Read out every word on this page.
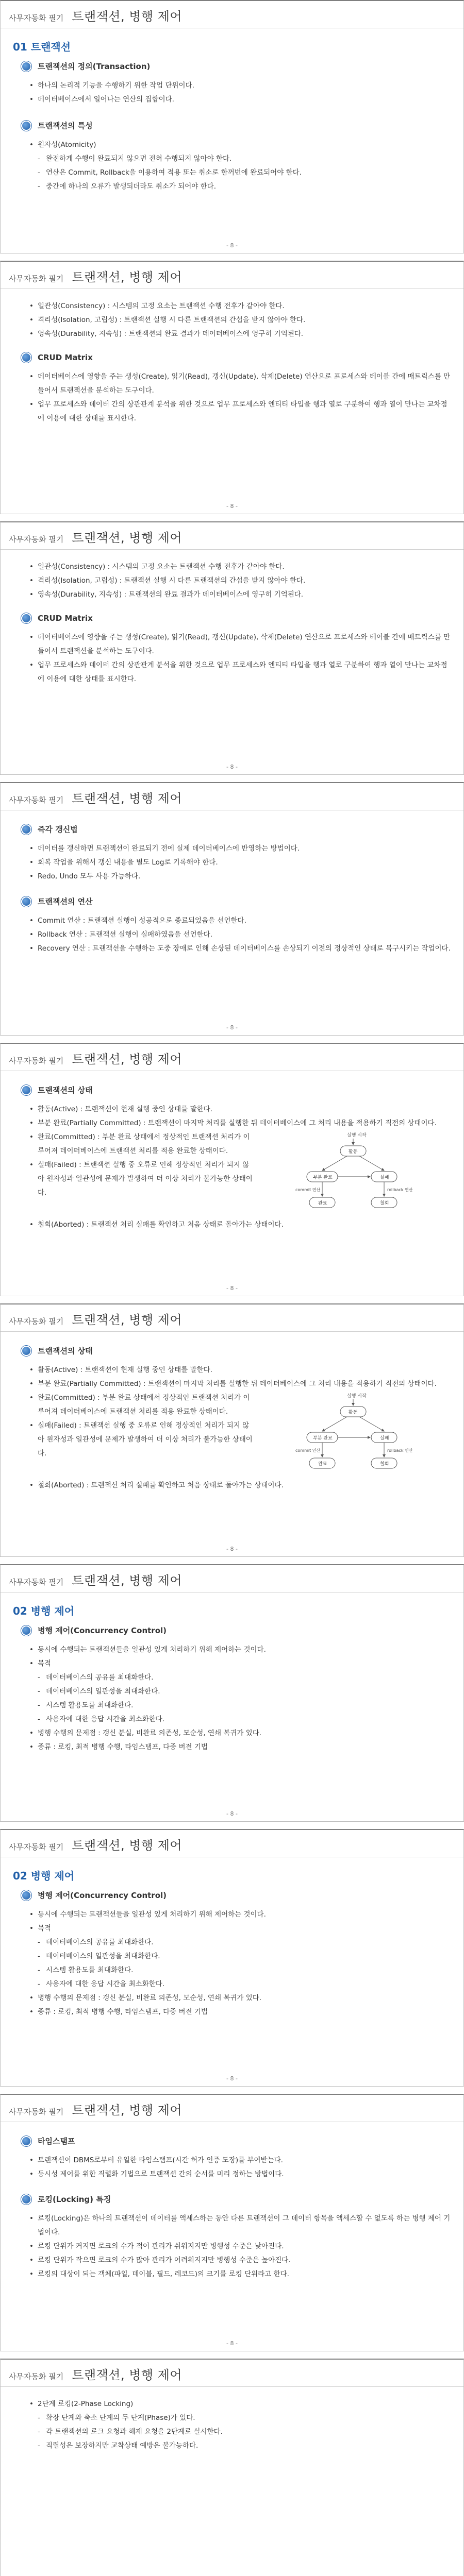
사무자동화 필기 트랜잭션, 병행 제어
01 트랜잭션
트랜잭션의 정의(Transaction)
• 하나의 논리적 기능을 수행하기 위한 작업 단위이다.
• 데이터베이스에서 일어나는 연산의 집합이다.
트랜잭션의 특성
• 원자성(Atomicity)
- 완전하게 수행이 완료되지 않으면 전혀 수행되지 않아야 한다.
- 연산은 Commit, Rollback을 이용하여 적용 또는 취소로 한꺼번에 완료되어야 한다.
- 중간에 하나의 오류가 발생되더라도 취소가 되어야 한다.
- 8 -
사무자동화 필기 트랜잭션, 병행 제어
• 일관성(Consistency) : 시스템의 고정 요소는 트랜잭션 수행 전후가 같아야 한다.
• 격리성(Isolation, 고립성) : 트랜잭션 실행 시 다른 트랜잭션의 간섭을 받지 않아야 한다.
• 영속성(Durability, 지속성) : 트랜잭션의 완료 결과가 데이터베이스에 영구히 기억된다.
CRUD Matrix
• 데이터베이스에 영향을 주는 생성(Create), 읽기(Read), 갱신(Update), 삭제(Delete) 연산으로 프로세스와 테이블 간에 매트릭스를 만들어서 트랜잭션을 분석하는 도구이다.
• 업무 프로세스와 데이터 간의 상관관계 분석을 위한 것으로 업무 프로세스와 엔티티 타입을 행과 열로 구분하여 행과 열이 만나는 교차점에 이용에 대한 상태를 표시한다.
- 8 -
사무자동화 필기 트랜잭션, 병행 제어
• 일관성(Consistency) : 시스템의 고정 요소는 트랜잭션 수행 전후가 같아야 한다.
• 격리성(Isolation, 고립성) : 트랜잭션 실행 시 다른 트랜잭션의 간섭을 받지 않아야 한다.
• 영속성(Durability, 지속성) : 트랜잭션의 완료 결과가 데이터베이스에 영구히 기억된다.
CRUD Matrix
• 데이터베이스에 영향을 주는 생성(Create), 읽기(Read), 갱신(Update), 삭제(Delete) 연산으로 프로세스와 테이블 간에 매트릭스를 만들어서 트랜잭션을 분석하는 도구이다.
• 업무 프로세스와 데이터 간의 상관관계 분석을 위한 것으로 업무 프로세스와 엔티티 타입을 행과 열로 구분하여 행과 열이 만나는 교차점에 이용에 대한 상태를 표시한다.
- 8 -
사무자동화 필기 트랜잭션, 병행 제어
즉각 갱신법
• 데이터를 갱신하면 트랜잭션이 완료되기 전에 실제 데이터베이스에 반영하는 방법이다.
• 회복 작업을 위해서 갱신 내용을 별도 Log로 기록해야 한다.
• Redo, Undo 모두 사용 가능하다.
트랜잭션의 연산
• Commit 연산 : 트랜잭션 실행이 성공적으로 종료되었음을 선언한다.
• Rollback 연산 : 트랜잭션 실행이 실패하였음을 선언한다.
• Recovery 연산 : 트랜잭션을 수행하는 도중 장애로 인해 손상된 데이터베이스를 손상되기 이전의 정상적인 상태로 복구시키는 작업이다.
- 8 -
사무자동화 필기 트랜잭션, 병행 제어
트랜잭션의 상태
• 활동(Active) : 트랜잭션이 현재 실행 중인 상태를 말한다.
• 부분 완료(Partially Committed) : 트랜잭션이 마지막 처리를 실행한 뒤 데이터베이스에 그 처리 내용을 적용하기 직전의 상태이다.
• 완료(Committed) : 부분 완료 상태에서 정상적인 트랜잭션 처리가 이루어져 데이터베이스에 트랜잭션 처리를 적용 완료한 상태이다.
• 실패(Failed) : 트랜잭션 실행 중 오류로 인해 정상적인 처리가 되지 않아 원자성과 일관성에 문제가 발생하여 더 이상 처리가 불가능한 상태이다.
실행 시작
활동
부분 완료	실패
commit 연산	rollback 연산
완료	철회
• 철회(Aborted) : 트랜잭션 처리 실패를 확인하고 처음 상태로 돌아가는 상태이다.
- 8 -
사무자동화 필기 트랜잭션, 병행 제어
트랜잭션의 상태
• 활동(Active) : 트랜잭션이 현재 실행 중인 상태를 말한다.
• 부분 완료(Partially Committed) : 트랜잭션이 마지막 처리를 실행한 뒤 데이터베이스에 그 처리 내용을 적용하기 직전의 상태이다.
• 완료(Committed) : 부분 완료 상태에서 정상적인 트랜잭션 처리가 이루어져 데이터베이스에 트랜잭션 처리를 적용 완료한 상태이다.
• 실패(Failed) : 트랜잭션 실행 중 오류로 인해 정상적인 처리가 되지 않아 원자성과 일관성에 문제가 발생하여 더 이상 처리가 불가능한 상태이다.
실행 시작
활동
부분 완료	실패
commit 연산	rollback 연산
완료	철회
• 철회(Aborted) : 트랜잭션 처리 실패를 확인하고 처음 상태로 돌아가는 상태이다.
- 8 -
사무자동화 필기 트랜잭션, 병행 제어
02 병행 제어
병행 제어(Concurrency Control)
• 동시에 수행되는 트랜잭션들을 일관성 있게 처리하기 위해 제어하는 것이다.
• 목적
- 데이터베이스의 공유를 최대화한다.
- 데이터베이스의 일관성을 최대화한다.
- 시스템 활용도를 최대화한다.
- 사용자에 대한 응답 시간을 최소화한다.
• 병행 수행의 문제점 : 갱신 분실, 비완료 의존성, 모순성, 연쇄 복귀가 있다.
• 종류 : 로킹, 최적 병행 수행, 타임스탬프, 다중 버전 기법
- 8 -
사무자동화 필기 트랜잭션, 병행 제어
02 병행 제어
병행 제어(Concurrency Control)
• 동시에 수행되는 트랜잭션들을 일관성 있게 처리하기 위해 제어하는 것이다.
• 목적
- 데이터베이스의 공유를 최대화한다.
- 데이터베이스의 일관성을 최대화한다.
- 시스템 활용도를 최대화한다.
- 사용자에 대한 응답 시간을 최소화한다.
• 병행 수행의 문제점 : 갱신 분실, 비완료 의존성, 모순성, 연쇄 복귀가 있다.
• 종류 : 로킹, 최적 병행 수행, 타임스탬프, 다중 버전 기법
- 8 -
사무자동화 필기 트랜잭션, 병행 제어
타임스탬프
• 트랜잭션이 DBMS로부터 유일한 타임스탬프(시간 허가 인증 도장)를 부여받는다.
• 동시성 제어를 위한 직렬화 기법으로 트랜잭션 간의 순서를 미리 정하는 방법이다.
로킹(Locking) 특징
• 로킹(Locking)은 하나의 트랜잭션이 데이터를 액세스하는 동안 다른 트랜잭션이 그 데이터 항목을 액세스할 수 없도록 하는 병행 제어 기법이다.
• 로킹 단위가 커지면 로크의 수가 적어 관리가 쉬워지지만 병행성 수준은 낮아진다.
• 로킹 단위가 작으면 로크의 수가 많아 관리가 어려워지지만 병행성 수준은 높아진다.
• 로킹의 대상이 되는 객체(파일, 데이블, 필드, 레코드)의 크기를 로킹 단위라고 한다.
- 8 -
사무자동화 필기 트랜잭션, 병행 제어
• 2단계 로킹(2-Phase Locking)
- 확장 단계와 축소 단계의 두 단계(Phase)가 있다.
- 각 트랜잭션의 로크 요청과 해제 요청을 2단계로 실시한다.
- 직렬성은 보장하지만 교착상태 예방은 불가능하다.
